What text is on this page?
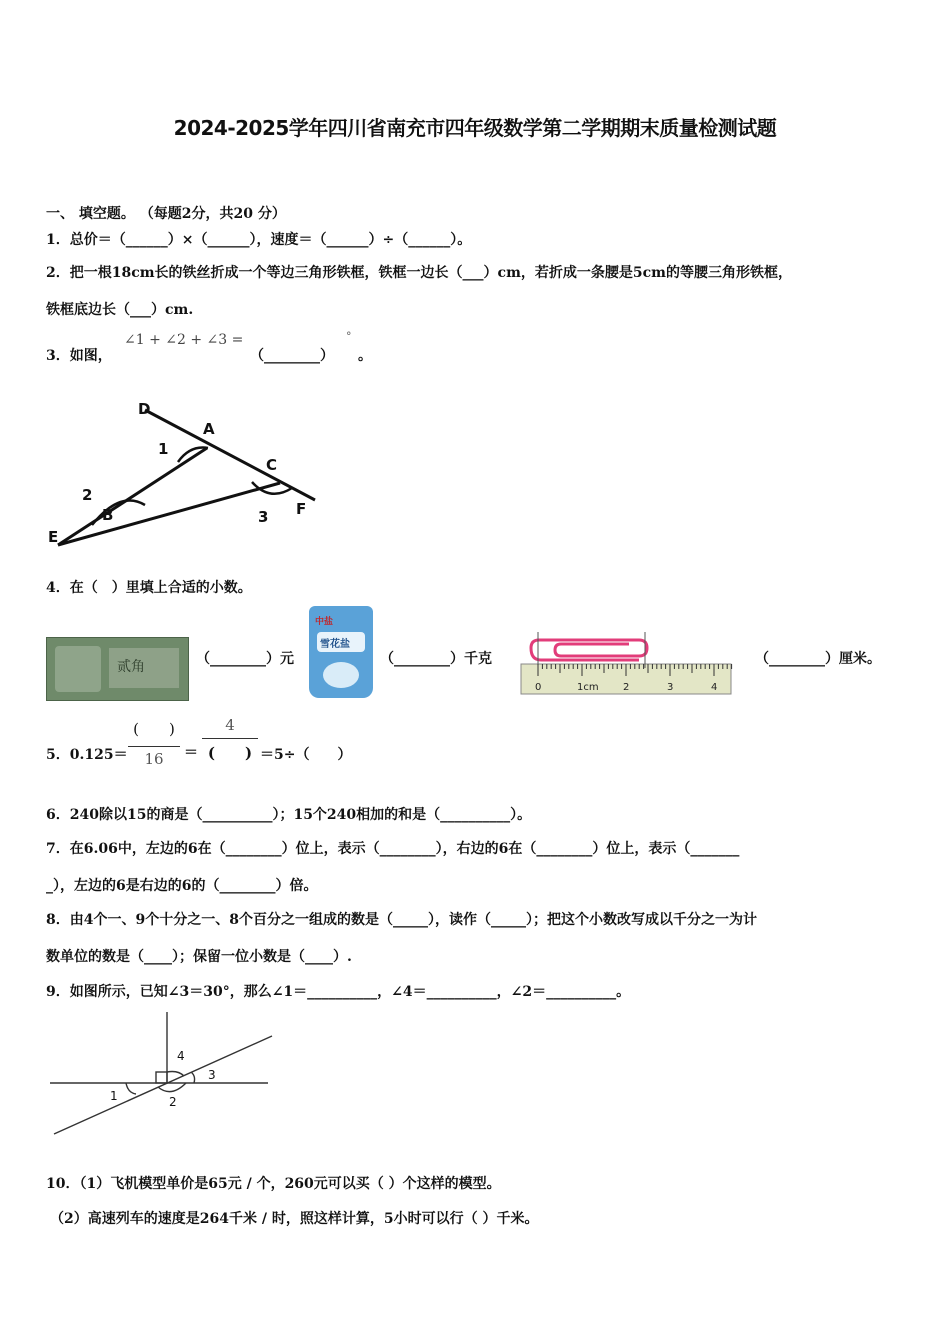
2024-2025学年四川省南充市四年级数学第二学期期末质量检测试题
一、 填空题。 （每题2分，共20 分）
1．总价＝（______）×（______），速度＝（______）÷（______）。
2．把一根18cm长的铁丝折成一个等边三角形铁框，铁框一边长（___）cm，若折成一条腰是5cm的等腰三角形铁框，
铁框底边长（___）cm.
3．如图，
∠1 + ∠2 + ∠3 =
（________）
°
。
D
A
C
F
E
B
1
2
3
4．在（　）里填上合适的小数。
贰角	（________）元
中盐
雪花盐
（________）千克
0	1cm 2	3	4
（________）厘米。
5．0.125＝
(　　)
16	＝
4
(　　) ＝5÷（　　）
6．240除以15的商是（__________）；15个240相加的和是（__________）。
7．在6.06中，左边的6在（________）位上，表示（________），右边的6在（________）位上，表示（_______
_），左边的6是右边的6的（________）倍。
8．由4个一、9个十分之一、8个百分之一组成的数是（_____），读作（_____）；把这个小数改写成以千分之一为计
数单位的数是（____）；保留一位小数是（____）.
9．如图所示，已知∠3＝30°，那么∠1＝__________，∠4＝__________，∠2＝__________。
1	2
3
4
10．（1）飞机模型单价是65元 / 个，260元可以买（ ）个这样的模型。
（2）高速列车的速度是264千米 / 时，照这样计算，5小时可以行（ ）千米。
